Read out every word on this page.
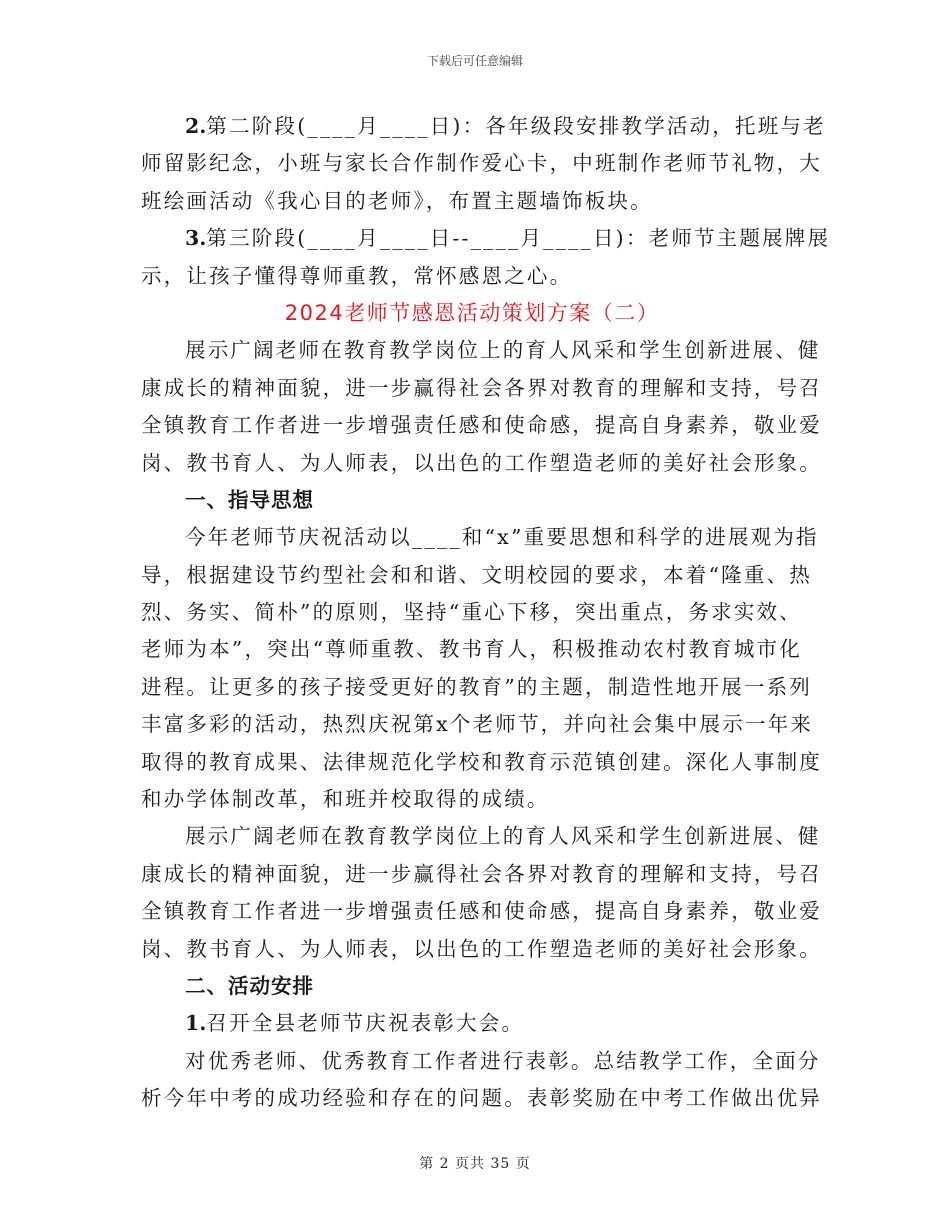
下载后可任意编辑
2.第二阶段(____月____日)：各年级段安排教学活动，托班与老
师留影纪念，小班与家长合作制作爱心卡，中班制作老师节礼物，大
班绘画活动《我心目的老师》，布置主题墙饰板块。
3.第三阶段(____月____日--____月____日)：老师节主题展牌展
示，让孩子懂得尊师重教，常怀感恩之心。
2024老师节感恩活动策划方案（二）
展示广阔老师在教育教学岗位上的育人风采和学生创新进展、健
康成长的精神面貌，进一步赢得社会各界对教育的理解和支持，号召
全镇教育工作者进一步增强责任感和使命感，提高自身素养，敬业爱
岗、教书育人、为人师表，以出色的工作塑造老师的美好社会形象。
一、指导思想
今年老师节庆祝活动以____和“x”重要思想和科学的进展观为指
导，根据建设节约型社会和和谐、文明校园的要求，本着“隆重、热
烈、务实、简朴”的原则，坚持“重心下移，突出重点，务求实效、
老师为本”，突出“尊师重教、教书育人，积极推动农村教育城市化
进程。让更多的孩子接受更好的教育”的主题，制造性地开展一系列
丰富多彩的活动，热烈庆祝第x个老师节，并向社会集中展示一年来
取得的教育成果、法律规范化学校和教育示范镇创建。深化人事制度
和办学体制改革，和班并校取得的成绩。
展示广阔老师在教育教学岗位上的育人风采和学生创新进展、健
康成长的精神面貌，进一步赢得社会各界对教育的理解和支持，号召
全镇教育工作者进一步增强责任感和使命感，提高自身素养，敬业爱
岗、教书育人、为人师表，以出色的工作塑造老师的美好社会形象。
二、活动安排
1.召开全县老师节庆祝表彰大会。
对优秀老师、优秀教育工作者进行表彰。总结教学工作，全面分
析今年中考的成功经验和存在的问题。表彰奖励在中考工作做出优异
第 2 页共 35 页
